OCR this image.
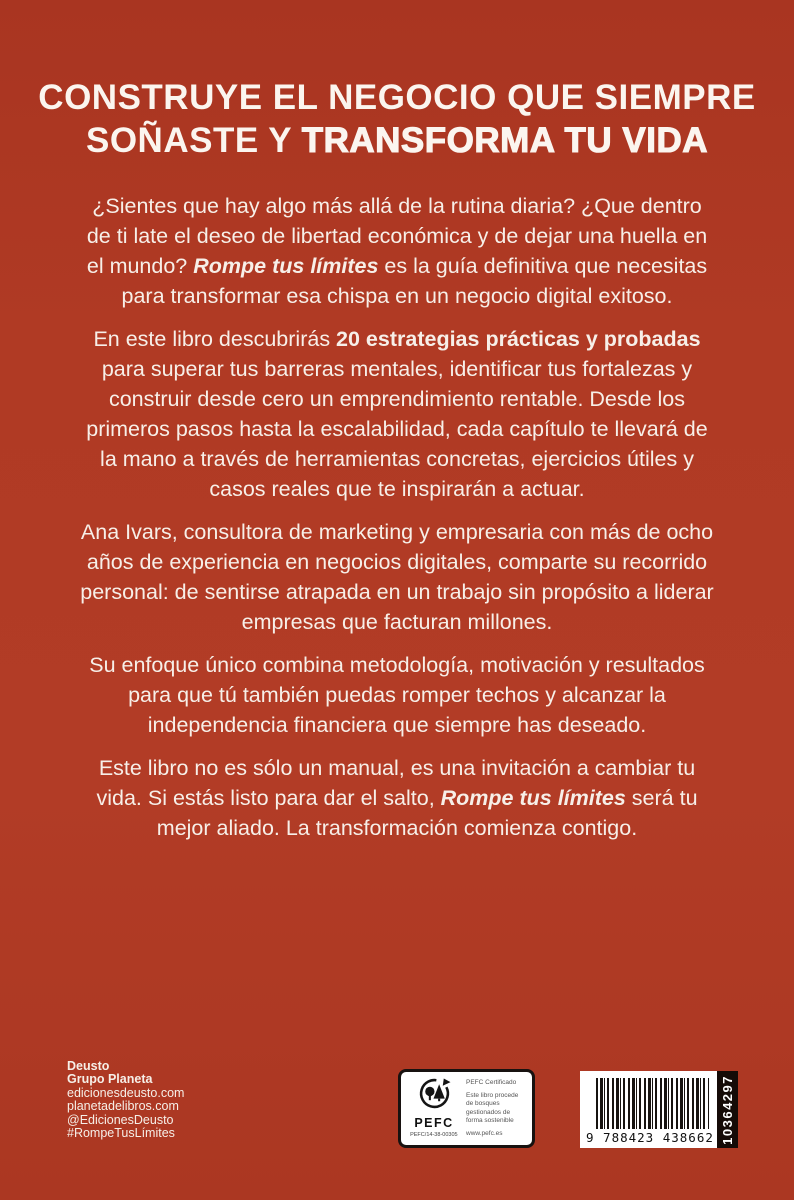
CONSTRUYE EL NEGOCIO QUE SIEMPRE
SOÑASTE Y TRANSFORMA TU VIDA

¿Sientes que hay algo más allá de la rutina diaria? ¿Que dentro de ti late el deseo de libertad económica y de dejar una huella en el mundo? Rompe tus límites es la guía definitiva que necesitas para transformar esa chispa en un negocio digital exitoso.

En este libro descubrirás 20 estrategias prácticas y probadas para superar tus barreras mentales, identificar tus fortalezas y construir desde cero un emprendimiento rentable. Desde los primeros pasos hasta la escalabilidad, cada capítulo te llevará de la mano a través de herramientas concretas, ejercicios útiles y casos reales que te inspirarán a actuar.

Ana Ivars, consultora de marketing y empresaria con más de ocho años de experiencia en negocios digitales, comparte su recorrido personal: de sentirse atrapada en un trabajo sin propósito a liderar empresas que facturan millones.

Su enfoque único combina metodología, motivación y resultados para que tú también puedas romper techos y alcanzar la independencia financiera que siempre has deseado.

Este libro no es sólo un manual, es una invitación a cambiar tu vida. Si estás listo para dar el salto, Rompe tus límites será tu mejor aliado. La transformación comienza contigo.

Deusto
Grupo Planeta
edicionesdeusto.com
planetadelibros.com
@EdicionesDeusto
#RompeTusLímites
PEFC
PEFC/14-38-00305
PEFC Certificado
Este libro procede de bosques gestionados de forma sostenible
www.pefc.es	9 788423 438662 10364297
